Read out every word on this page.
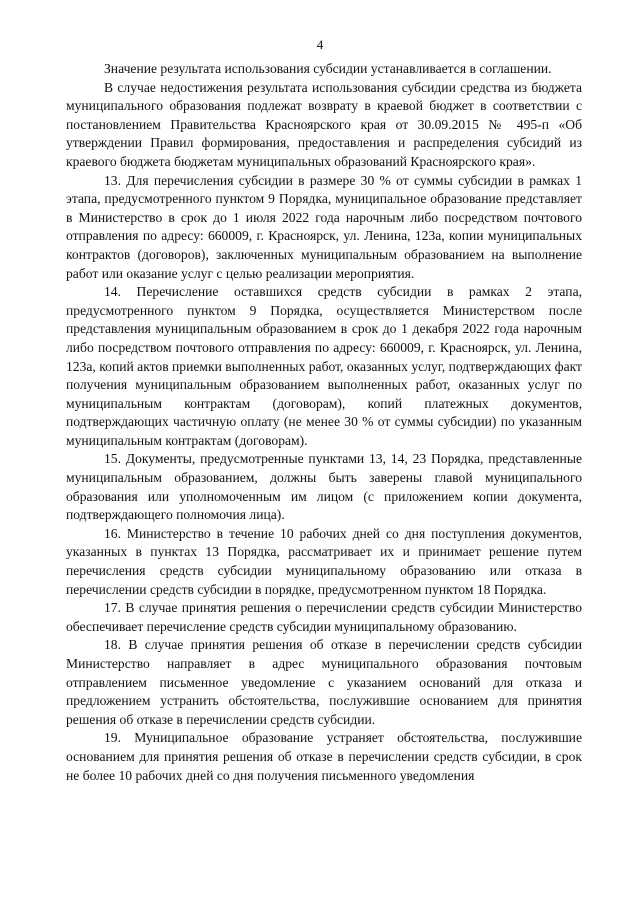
4

Значение результата использования субсидии устанавливается в соглашении.

В случае недостижения результата использования субсидии средства из бюджета муниципального образования подлежат возврату в краевой бюджет в соответствии с постановлением Правительства Красноярского края от 30.09.2015 № 495-п «Об утверждении Правил формирования, предоставления и распределения субсидий из краевого бюджета бюджетам муниципальных образований Красноярского края».

13. Для перечисления субсидии в размере 30 % от суммы субсидии в рамках 1 этапа, предусмотренного пунктом 9 Порядка, муниципальное образование представляет в Министерство в срок до 1 июля 2022 года нарочным либо посредством почтового отправления по адресу: 660009, г. Красноярск, ул. Ленина, 123а, копии муниципальных контрактов (договоров), заключенных муниципальным образованием на выполнение работ или оказание услуг с целью реализации мероприятия.

14. Перечисление оставшихся средств субсидии в рамках 2 этапа, предусмотренного пунктом 9 Порядка, осуществляется Министерством после представления муниципальным образованием в срок до 1 декабря 2022 года нарочным либо посредством почтового отправления по адресу: 660009, г. Красноярск, ул. Ленина, 123а, копий актов приемки выполненных работ, оказанных услуг, подтверждающих факт получения муниципальным образованием выполненных работ, оказанных услуг по муниципальным контрактам (договорам), копий платежных документов, подтверждающих частичную оплату (не менее 30 % от суммы субсидии) по указанным муниципальным контрактам (договорам).

15. Документы, предусмотренные пунктами 13, 14, 23 Порядка, представленные муниципальным образованием, должны быть заверены главой муниципального образования или уполномоченным им лицом (с приложением копии документа, подтверждающего полномочия лица).

16. Министерство в течение 10 рабочих дней со дня поступления документов, указанных в пунктах 13 Порядка, рассматривает их и принимает решение путем перечисления средств субсидии муниципальному образованию или отказа в перечислении средств субсидии в порядке, предусмотренном пунктом 18 Порядка.

17. В случае принятия решения о перечислении средств субсидии Министерство обеспечивает перечисление средств субсидии муниципальному образованию.

18. В случае принятия решения об отказе в перечислении средств субсидии Министерство направляет в адрес муниципального образования почтовым отправлением письменное уведомление с указанием оснований для отказа и предложением устранить обстоятельства, послужившие основанием для принятия решения об отказе в перечислении средств субсидии.

19. Муниципальное образование устраняет обстоятельства, послужившие основанием для принятия решения об отказе в перечислении средств субсидии, в срок не более 10 рабочих дней со дня получения письменного уведомления
